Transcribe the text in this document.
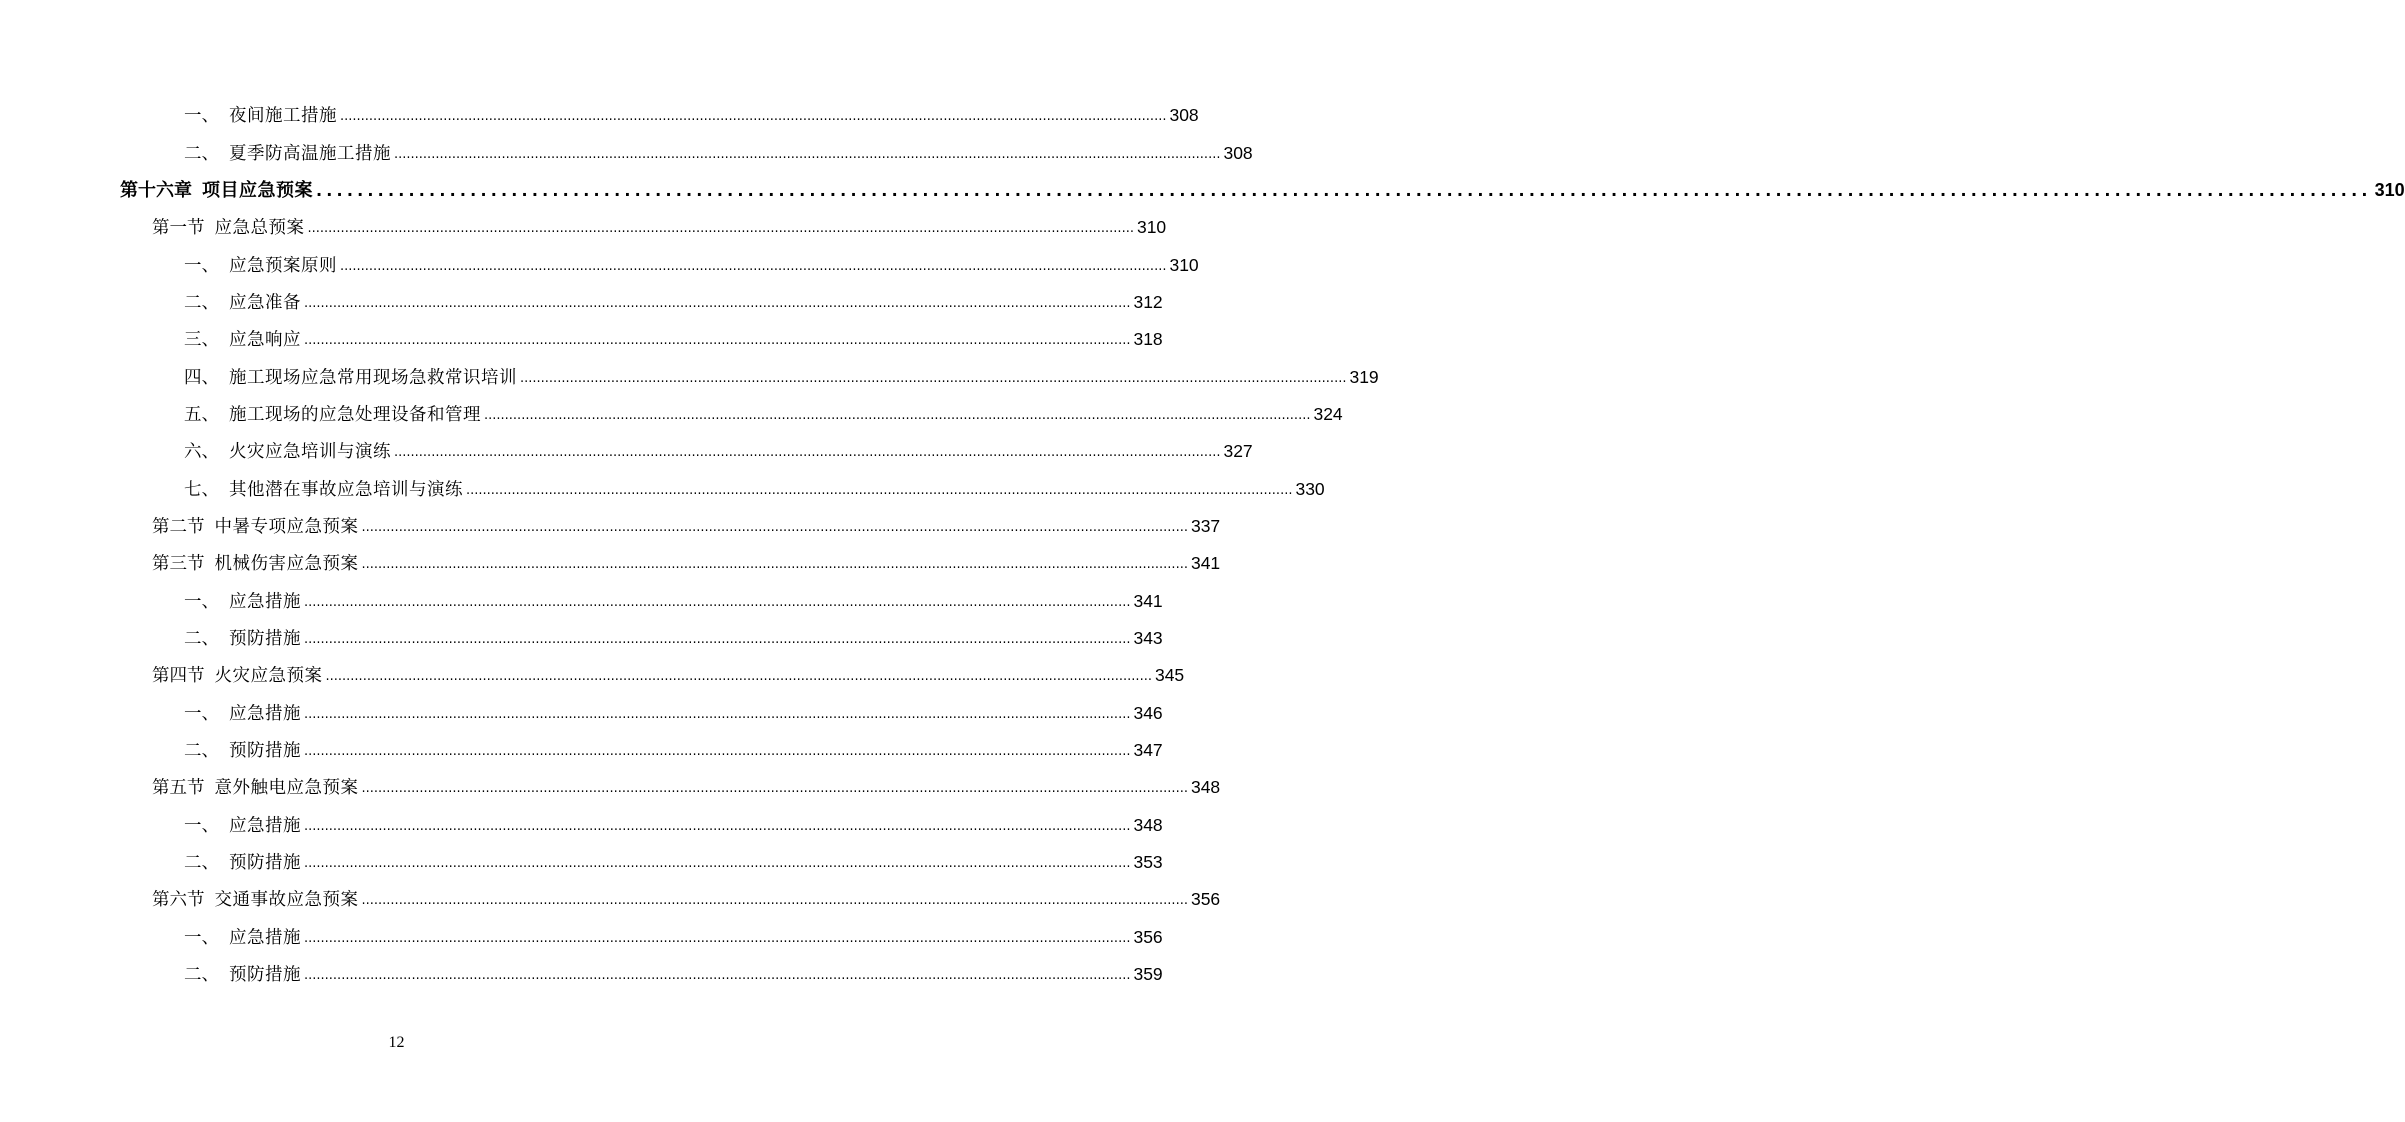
一、 夜间施工措施 ........................................................................................................................................................................................................ 308
二、 夏季防高温施工措施 ........................................................................................................................................................................................................ 308
第十六章 项目应急预案 ........................................................................................................................................................................................................ 310
第一节 应急总预案 ........................................................................................................................................................................................................ 310
一、 应急预案原则 ........................................................................................................................................................................................................ 310
二、 应急准备 ........................................................................................................................................................................................................ 312
三、 应急响应 ........................................................................................................................................................................................................ 318
四、 施工现场应急常用现场急救常识培训 ........................................................................................................................................................................................................ 319
五、 施工现场的应急处理设备和管理 ........................................................................................................................................................................................................ 324
六、 火灾应急培训与演练 ........................................................................................................................................................................................................ 327
七、 其他潜在事故应急培训与演练 ........................................................................................................................................................................................................ 330
第二节 中暑专项应急预案 ........................................................................................................................................................................................................ 337
第三节 机械伤害应急预案 ........................................................................................................................................................................................................ 341
一、 应急措施 ........................................................................................................................................................................................................ 341
二、 预防措施 ........................................................................................................................................................................................................ 343
第四节 火灾应急预案 ........................................................................................................................................................................................................ 345
一、 应急措施 ........................................................................................................................................................................................................ 346
二、 预防措施 ........................................................................................................................................................................................................ 347
第五节 意外触电应急预案 ........................................................................................................................................................................................................ 348
一、 应急措施 ........................................................................................................................................................................................................ 348
二、 预防措施 ........................................................................................................................................................................................................ 353
第六节 交通事故应急预案 ........................................................................................................................................................................................................ 356
一、 应急措施 ........................................................................................................................................................................................................ 356
二、 预防措施 ........................................................................................................................................................................................................ 359
12
